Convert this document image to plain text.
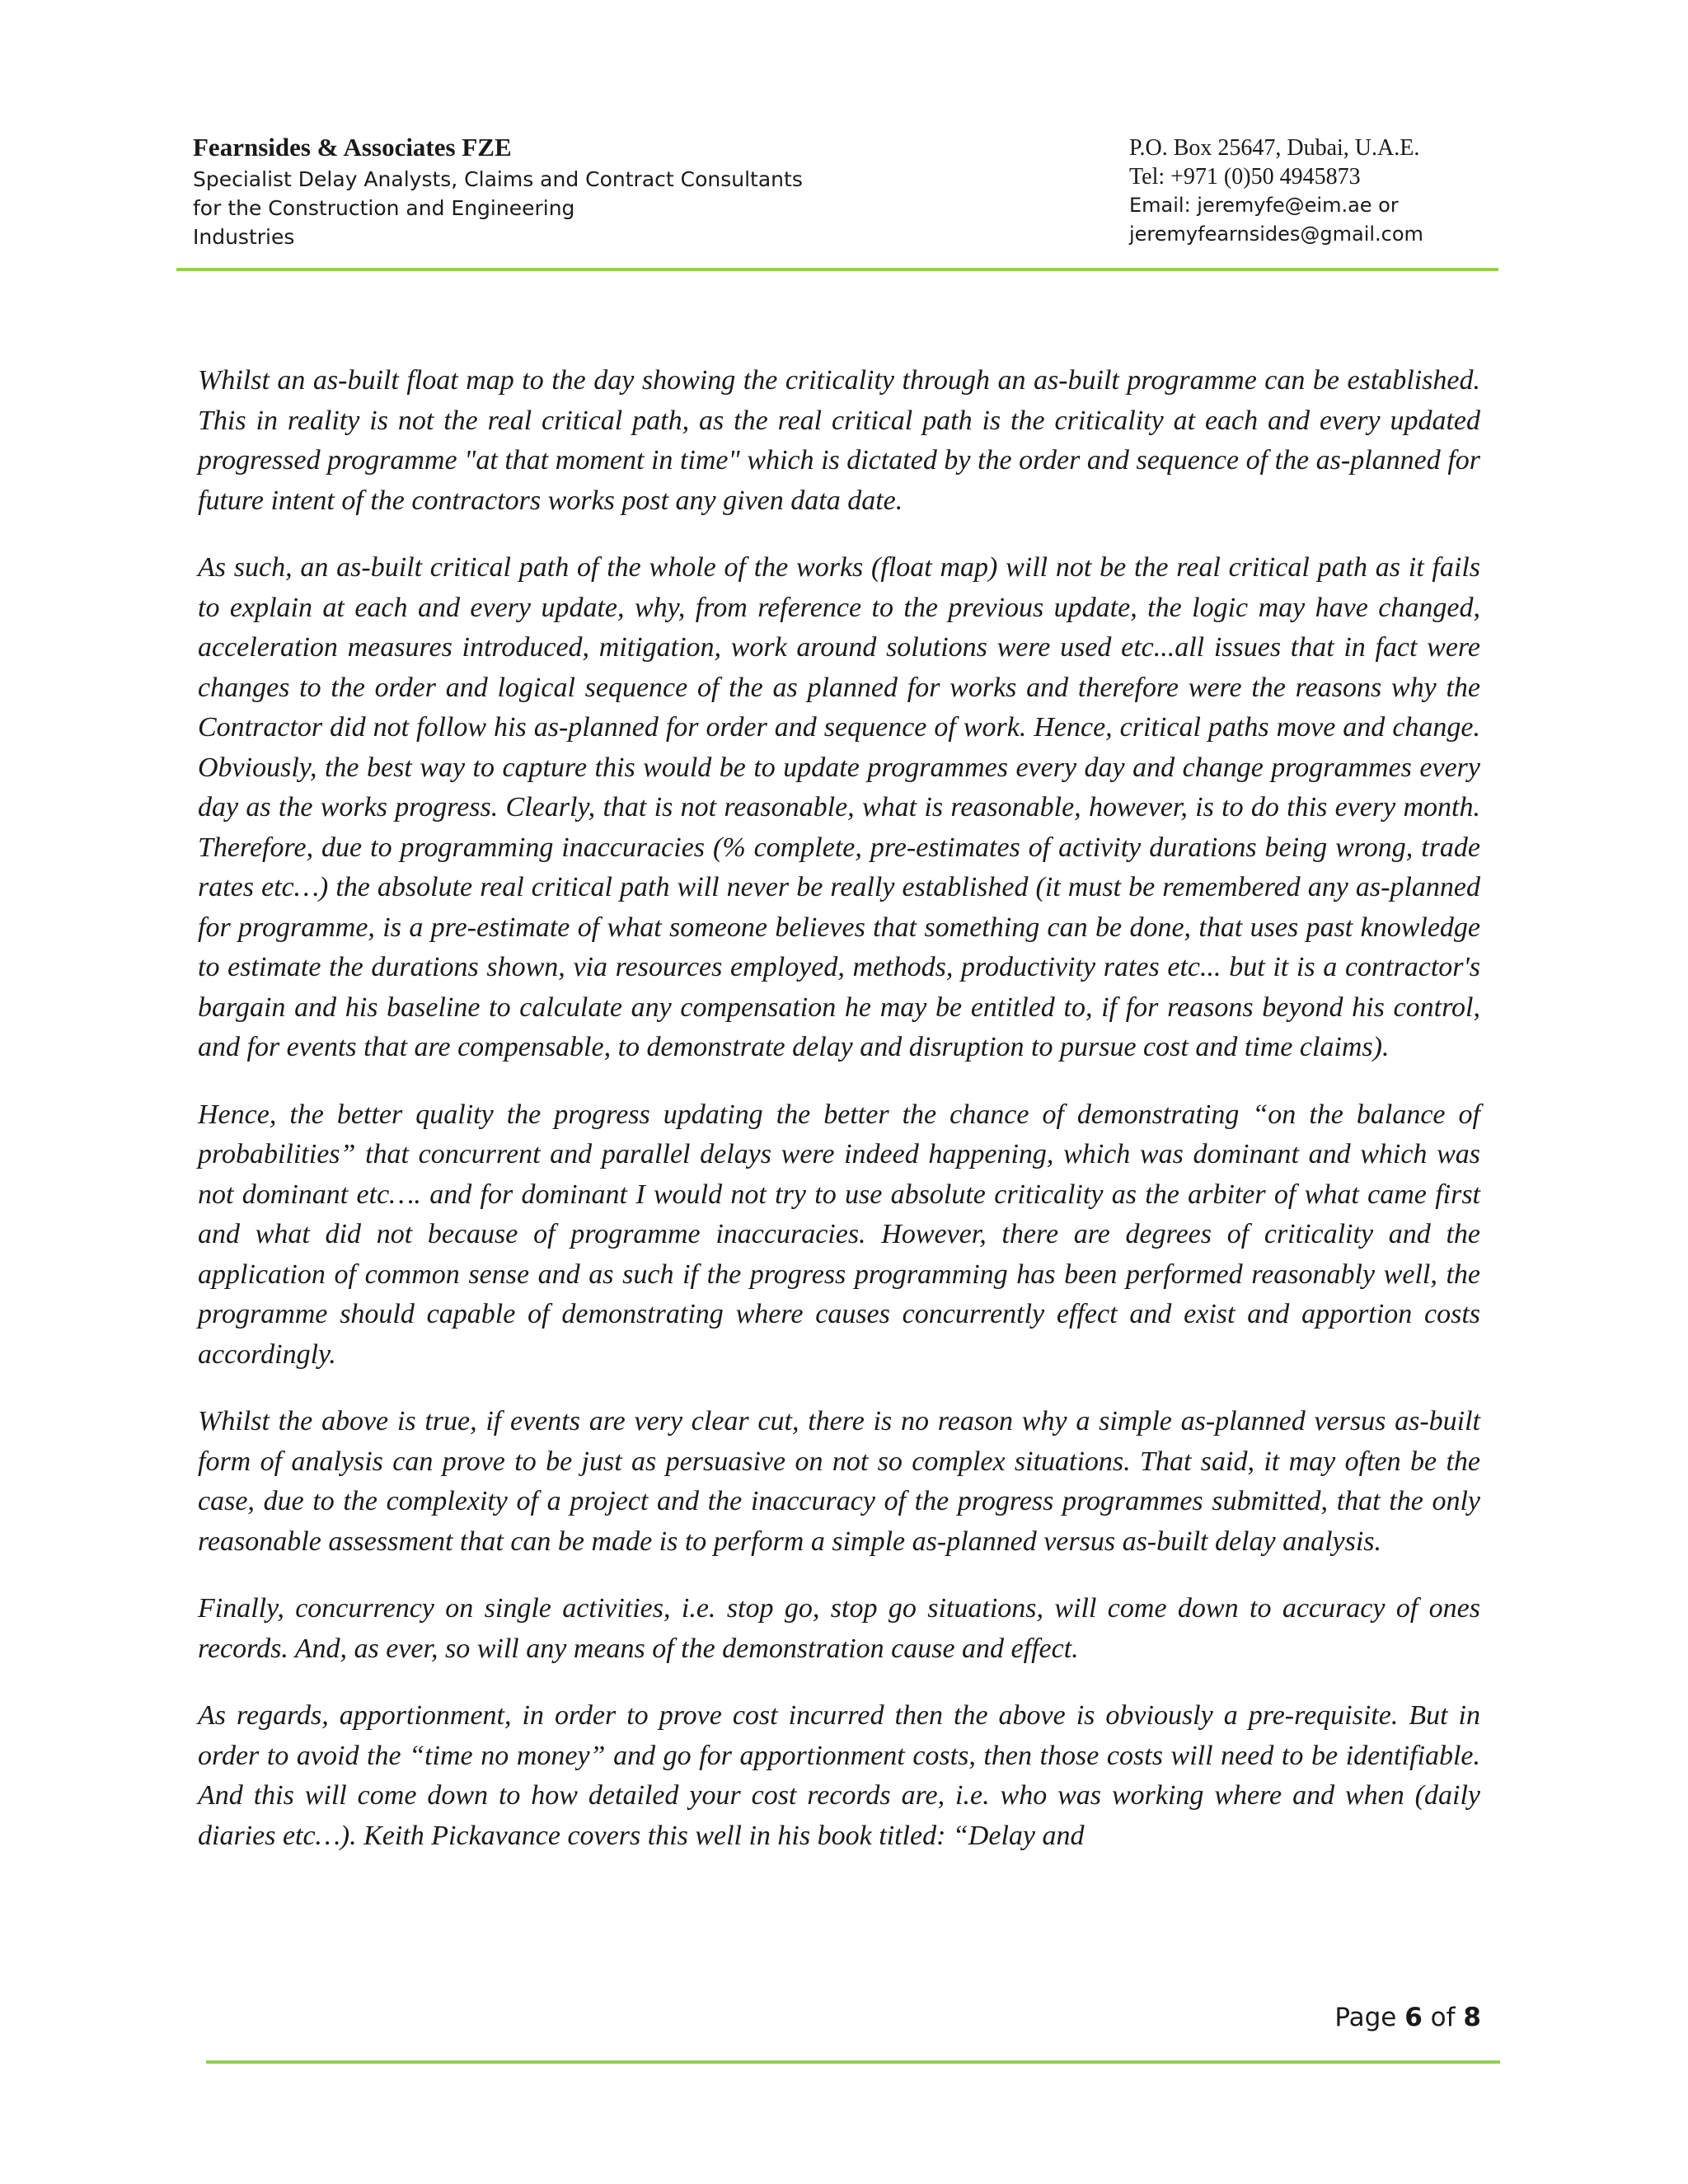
Fearnsides & Associates FZE
Specialist Delay Analysts, Claims and Contract Consultants
for the Construction and Engineering
Industries
P.O. Box 25647, Dubai, U.A.E.
Tel: +971 (0)50 4945873
Email: jeremyfe@eim.ae or
jeremyfearnsides@gmail.com

Whilst an as-built float map to the day showing the criticality through an as-built programme can be established. This in reality is not the real critical path, as the real critical path is the criticality at each and every updated progressed programme "at that moment in time" which is dictated by the order and sequence of the as-planned for future intent of the contractors works post any given data date.

As such, an as-built critical path of the whole of the works (float map) will not be the real critical path as it fails to explain at each and every update, why, from reference to the previous update, the logic may have changed, acceleration measures introduced, mitigation, work around solutions were used etc...all issues that in fact were changes to the order and logical sequence of the as planned for works and therefore were the reasons why the Contractor did not follow his as-planned for order and sequence of work. Hence, critical paths move and change. Obviously, the best way to capture this would be to update programmes every day and change programmes every day as the works progress. Clearly, that is not reasonable, what is reasonable, however, is to do this every month. Therefore, due to programming inaccuracies (% complete, pre-estimates of activity durations being wrong, trade rates etc…) the absolute real critical path will never be really established (it must be remembered any as-planned for programme, is a pre-estimate of what someone believes that something can be done, that uses past knowledge to estimate the durations shown, via resources employed, methods, productivity rates etc... but it is a contractor's bargain and his baseline to calculate any compensation he may be entitled to, if for reasons beyond his control, and for events that are compensable, to demonstrate delay and disruption to pursue cost and time claims).

Hence, the better quality the progress updating the better the chance of demonstrating “on the balance of probabilities” that concurrent and parallel delays were indeed happening, which was dominant and which was not dominant etc…. and for dominant I would not try to use absolute criticality as the arbiter of what came first and what did not because of programme inaccuracies. However, there are degrees of criticality and the application of common sense and as such if the progress programming has been performed reasonably well, the programme should capable of demonstrating where causes concurrently effect and exist and apportion costs accordingly.

Whilst the above is true, if events are very clear cut, there is no reason why a simple as-planned versus as-built form of analysis can prove to be just as persuasive on not so complex situations. That said, it may often be the case, due to the complexity of a project and the inaccuracy of the progress programmes submitted, that the only reasonable assessment that can be made is to perform a simple as-planned versus as-built delay analysis.

Finally, concurrency on single activities, i.e. stop go, stop go situations, will come down to accuracy of ones records. And, as ever, so will any means of the demonstration cause and effect.

As regards, apportionment, in order to prove cost incurred then the above is obviously a pre-requisite. But in order to avoid the “time no money” and go for apportionment costs, then those costs will need to be identifiable. And this will come down to how detailed your cost records are, i.e. who was working where and when (daily diaries etc…). Keith Pickavance covers this well in his book titled: “Delay and

Page 6 of 8
